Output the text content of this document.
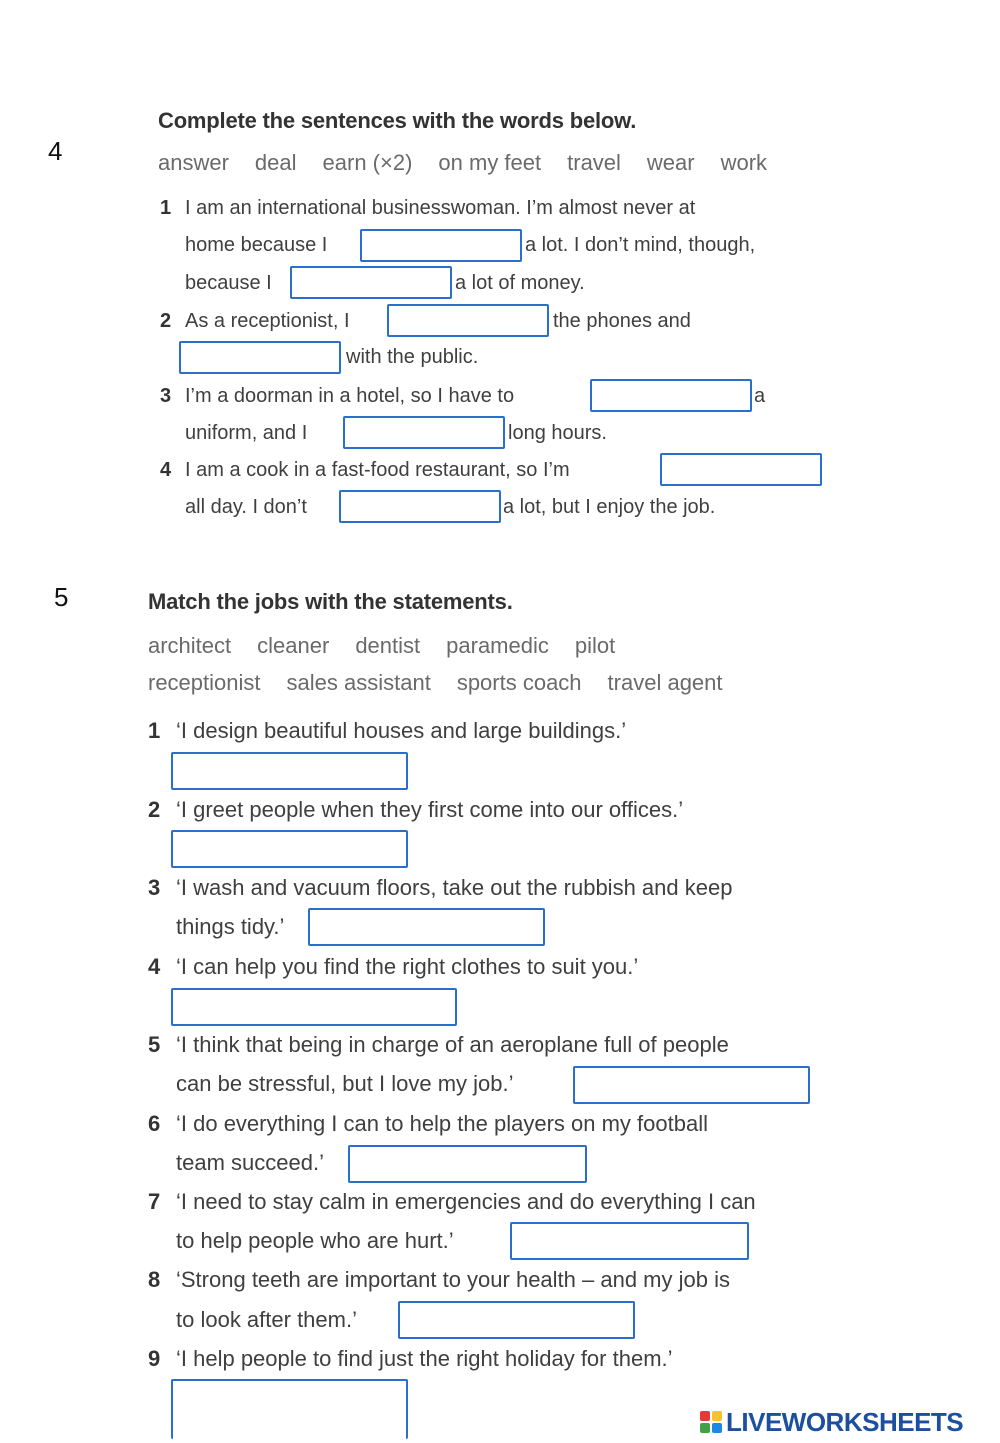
4
Complete the sentences with the words below.
answer deal earn (×2) on my feet travel wear work
1 I am an international businesswoman. I’m almost never at
home because I	a lot. I don’t mind, though,
because I	a lot of money.
2 As a receptionist, I	the phones and
with the public.
3 I’m a doorman in a hotel, so I have to	a
uniform, and I	long hours.
4 I am a cook in a fast-food restaurant, so I’m
all day. I don’t	a lot, but I enjoy the job.
5	Match the jobs with the statements.
architect cleaner dentist paramedic pilot
receptionist sales assistant sports coach travel agent
1 ‘I design beautiful houses and large buildings.’
2 ‘I greet people when they first come into our offices.’
3 ‘I wash and vacuum floors, take out the rubbish and keep
things tidy.’
4 ‘I can help you find the right clothes to suit you.’
5 ‘I think that being in charge of an aeroplane full of people
can be stressful, but I love my job.’
6 ‘I do everything I can to help the players on my football
team succeed.’
7 ‘I need to stay calm in emergencies and do everything I can
to help people who are hurt.’
8 ‘Strong teeth are important to your health – and my job is
to look after them.’
9 ‘I help people to find just the right holiday for them.’
LIVEWORKSHEETS
